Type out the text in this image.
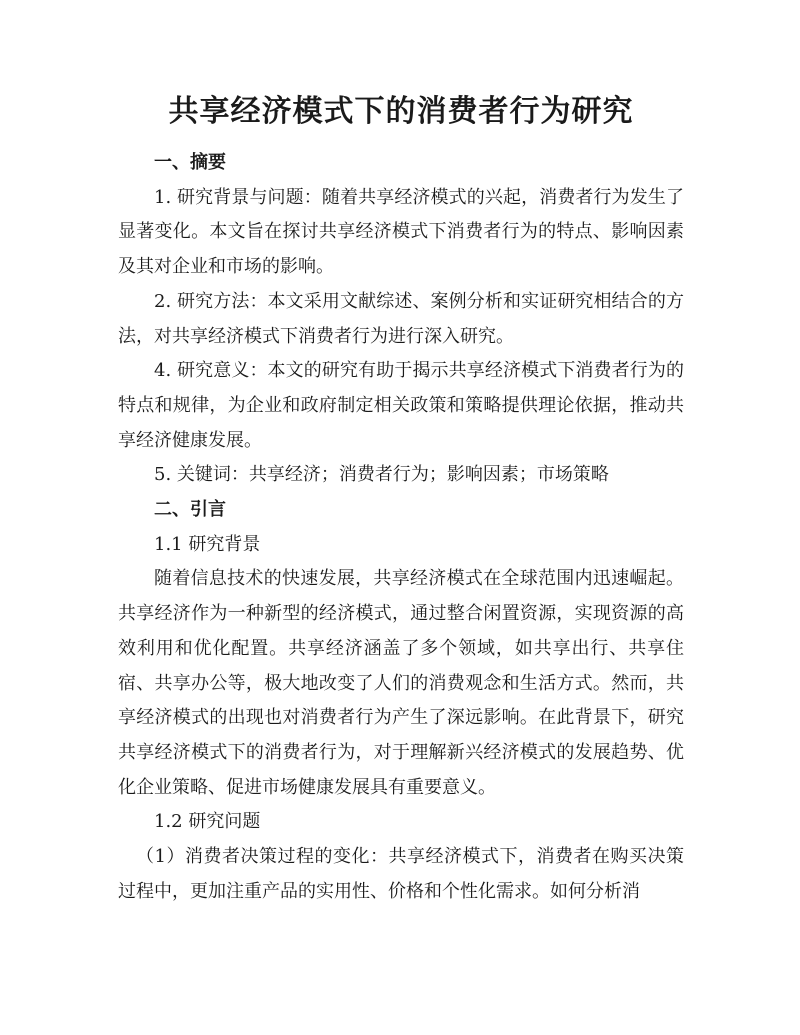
共享经济模式下的消费者行为研究

一、摘要

1. 研究背景与问题：随着共享经济模式的兴起，消费者行为发生了显著变化。本文旨在探讨共享经济模式下消费者行为的特点、影响因素及其对企业和市场的影响。

2. 研究方法：本文采用文献综述、案例分析和实证研究相结合的方法，对共享经济模式下消费者行为进行深入研究。

4. 研究意义：本文的研究有助于揭示共享经济模式下消费者行为的特点和规律，为企业和政府制定相关政策和策略提供理论依据，推动共享经济健康发展。

5. 关键词：共享经济；消费者行为；影响因素；市场策略

二、引言

1.1 研究背景

随着信息技术的快速发展，共享经济模式在全球范围内迅速崛起。共享经济作为一种新型的经济模式，通过整合闲置资源，实现资源的高效利用和优化配置。共享经济涵盖了多个领域，如共享出行、共享住宿、共享办公等，极大地改变了人们的消费观念和生活方式。然而，共享经济模式的出现也对消费者行为产生了深远影响。在此背景下，研究共享经济模式下的消费者行为，对于理解新兴经济模式的发展趋势、优化企业策略、促进市场健康发展具有重要意义。

1.2 研究问题

（1）消费者决策过程的变化：共享经济模式下，消费者在购买决策过程中，更加注重产品的实用性、价格和个性化需求。如何分析消
